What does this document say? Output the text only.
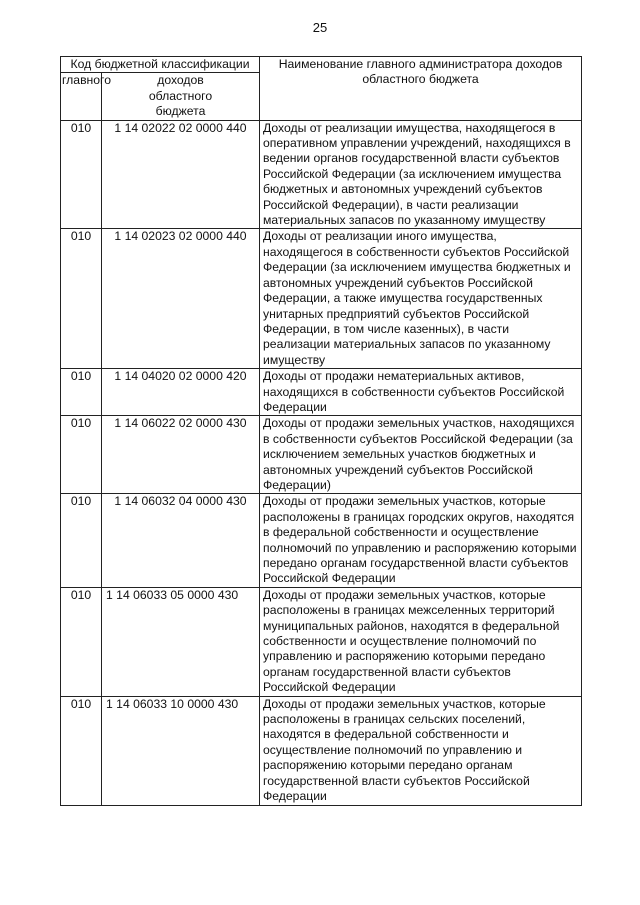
25
Код бюджетной классификации		Наименование главного администратора доходов областного бюджета
главного	доходов областного бюджета	
010	1 14 02022 02 0000 440	Доходы от реализации имущества, находящегося в оперативном управлении учреждений, находящихся в ведении органов государственной власти субъектов Российской Федерации (за исключением имущества бюджетных и автономных учреждений субъектов Российской Федерации), в части реализации материальных запасов по указанному имуществу
010	1 14 02023 02 0000 440	Доходы от реализации иного имущества, находящегося в собственности субъектов Российской Федерации (за исключением имущества бюджетных и автономных учреждений субъектов Российской Федерации, а также имущества государственных унитарных предприятий субъектов Российской Федерации, в том числе казенных), в части реализации материальных запасов по указанному имуществу
010	1 14 04020 02 0000 420	Доходы от продажи нематериальных активов, находящихся в собственности субъектов Российской Федерации
010	1 14 06022 02 0000 430	Доходы от продажи земельных участков, находящихся в собственности субъектов Российской Федерации (за исключением земельных участков бюджетных и автономных учреждений субъектов Российской Федерации)
010	1 14 06032 04 0000 430	Доходы от продажи земельных участков, которые расположены в границах городских округов, находятся в федеральной собственности и осуществление полномочий по управлению и распоряжению которыми передано органам государственной власти субъектов Российской Федерации
010	1 14 06033 05 0000 430	Доходы от продажи земельных участков, которые расположены в границах межселенных территорий муниципальных районов, находятся в федеральной собственности и осуществление полномочий по управлению и распоряжению которыми передано органам государственной власти субъектов Российской Федерации
010	1 14 06033 10 0000 430	Доходы от продажи земельных участков, которые расположены в границах сельских поселений, находятся в федеральной собственности и осуществление полномочий по управлению и распоряжению которыми передано органам государственной власти субъектов Российской Федерации
